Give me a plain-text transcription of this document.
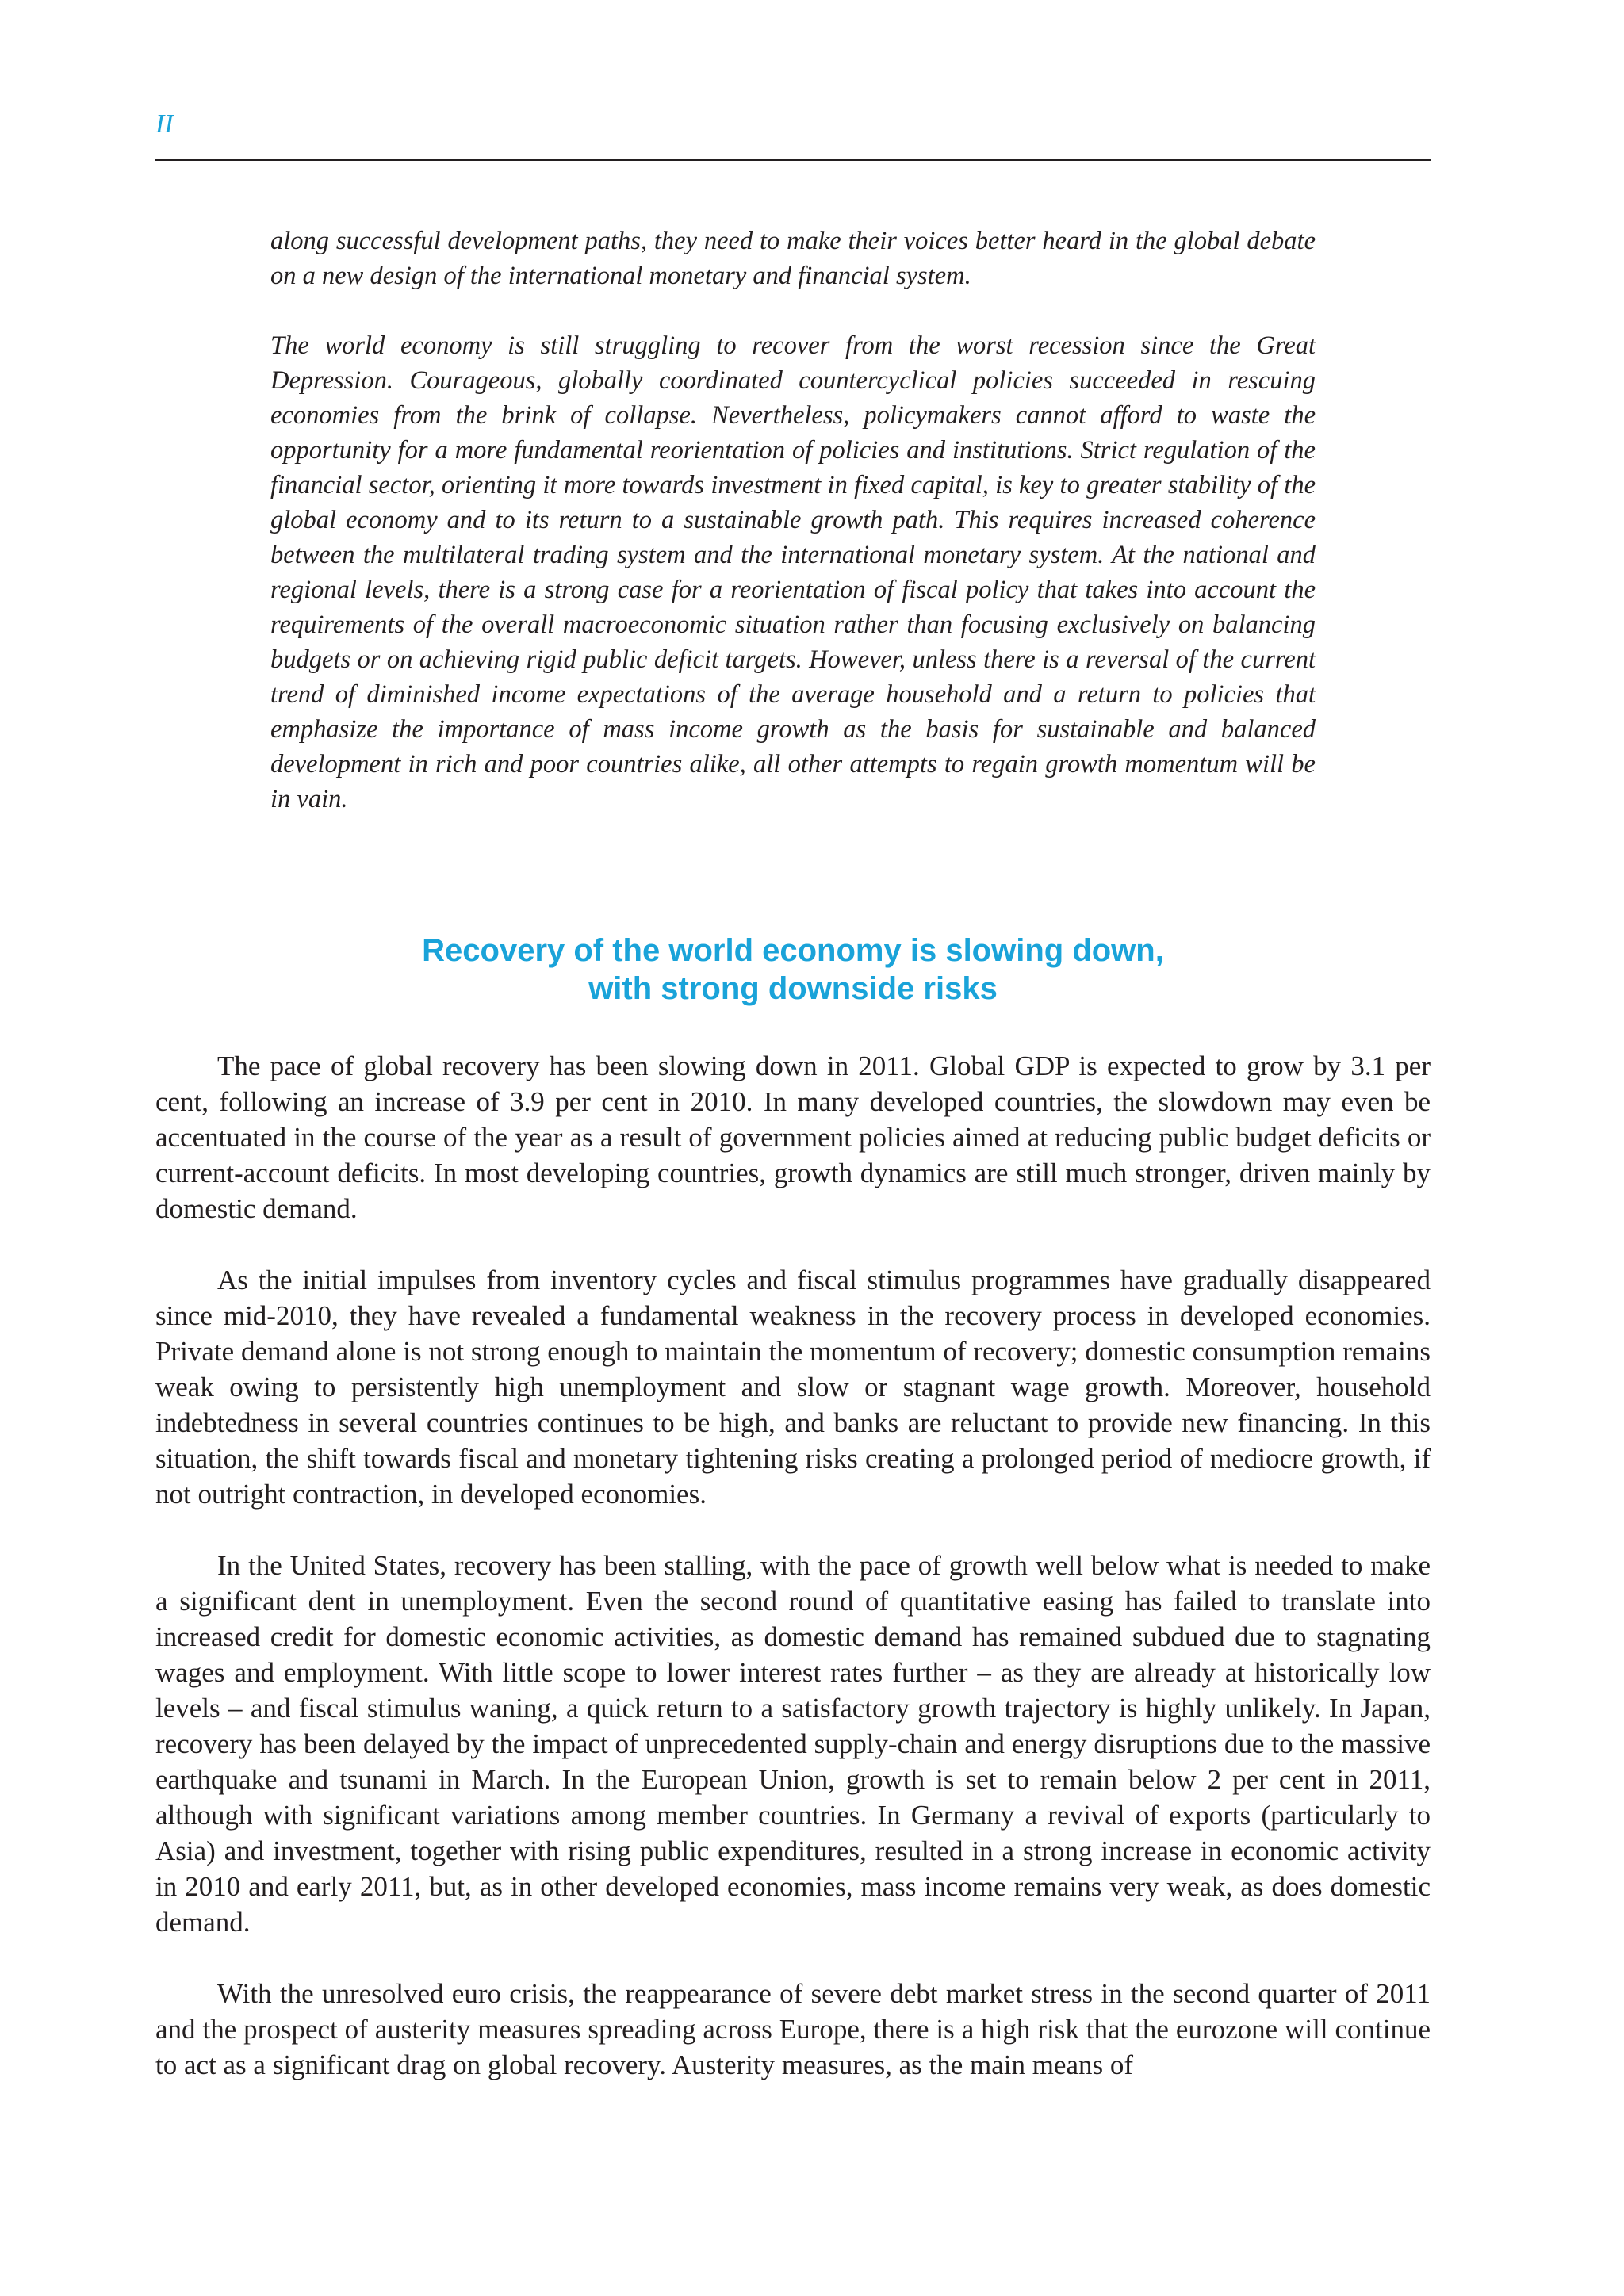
II

along successful development paths, they need to make their voices better heard in the global debate on a new design of the international monetary and financial system.

The world economy is still struggling to recover from the worst recession since the Great Depression. Courageous, globally coordinated countercyclical policies succeeded in rescuing economies from the brink of collapse. Nevertheless, policymakers cannot afford to waste the opportunity for a more fundamental reorientation of policies and institutions. Strict regulation of the financial sector, orienting it more towards investment in fixed capital, is key to greater stability of the global economy and to its return to a sustainable growth path. This requires increased coherence between the multilateral trading system and the international monetary system. At the national and regional levels, there is a strong case for a reorientation of fiscal policy that takes into account the requirements of the overall macroeconomic situation rather than focusing exclusively on balancing budgets or on achieving rigid public deficit targets. However, unless there is a reversal of the current trend of diminished income expectations of the average household and a return to policies that emphasize the importance of mass income growth as the basis for sustainable and balanced development in rich and poor countries alike, all other attempts to regain growth momentum will be in vain.

Recovery of the world economy is slowing down,
with strong downside risks

The pace of global recovery has been slowing down in 2011. Global GDP is expected to grow by 3.1 per cent, following an increase of 3.9 per cent in 2010. In many developed countries, the slowdown may even be accentuated in the course of the year as a result of government policies aimed at reducing public budget deficits or current-account deficits. In most developing countries, growth dynamics are still much stronger, driven mainly by domestic demand.

As the initial impulses from inventory cycles and fiscal stimulus programmes have gradually disappeared since mid-2010, they have revealed a fundamental weakness in the recovery process in developed economies. Private demand alone is not strong enough to maintain the momentum of recovery; domestic consumption remains weak owing to persistently high unemployment and slow or stagnant wage growth. Moreover, household indebtedness in several countries continues to be high, and banks are reluctant to provide new financing. In this situation, the shift towards fiscal and monetary tightening risks creating a prolonged period of mediocre growth, if not outright contraction, in developed economies.

In the United States, recovery has been stalling, with the pace of growth well below what is needed to make a significant dent in unemployment. Even the second round of quantitative easing has failed to translate into increased credit for domestic economic activities, as domestic demand has remained subdued due to stagnating wages and employment. With little scope to lower interest rates further – as they are already at historically low levels – and fiscal stimulus waning, a quick return to a satisfactory growth trajectory is highly unlikely. In Japan, recovery has been delayed by the impact of unprecedented supply-chain and energy disruptions due to the massive earthquake and tsunami in March. In the European Union, growth is set to remain below 2 per cent in 2011, although with significant variations among member countries. In Germany a revival of exports (particularly to Asia) and investment, together with rising public expenditures, resulted in a strong increase in economic activity in 2010 and early 2011, but, as in other developed economies, mass income remains very weak, as does domestic demand.

With the unresolved euro crisis, the reappearance of severe debt market stress in the second quarter of 2011 and the prospect of austerity measures spreading across Europe, there is a high risk that the eurozone will continue to act as a significant drag on global recovery. Austerity measures, as the main means of
